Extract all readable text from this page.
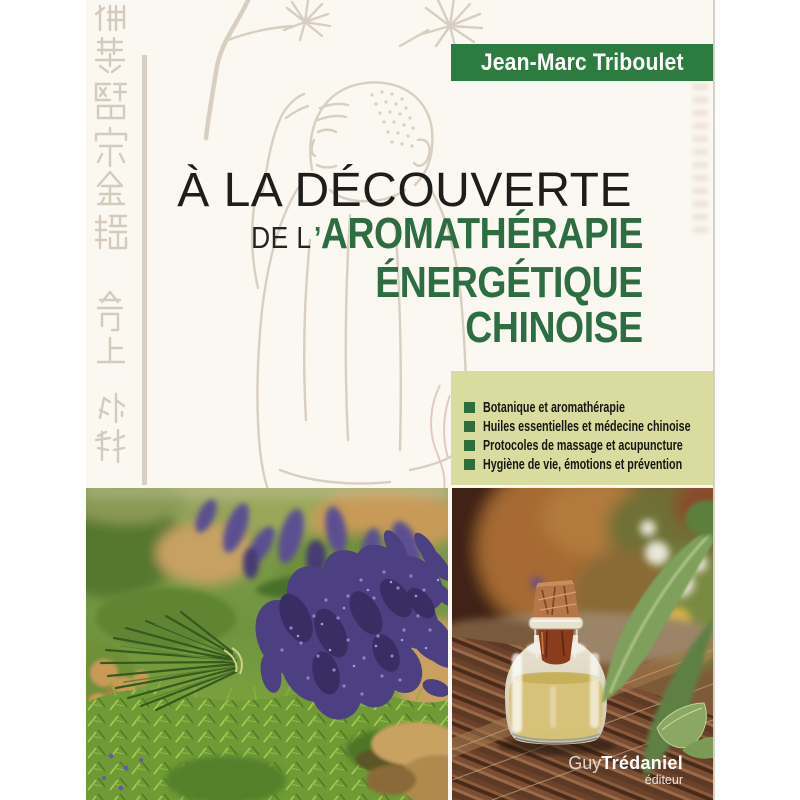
Jean-Marc Triboulet
À LA DÉCOUVERTE
DE L’AROMATHÉRAPIE
ÉNERGÉTIQUE
CHINOISE
Botanique et aromathérapie
Huiles essentielles et médecine chinoise
Protocoles de massage et acupuncture
Hygiène de vie, émotions et prévention
GuyTrédaniel
éditeur
